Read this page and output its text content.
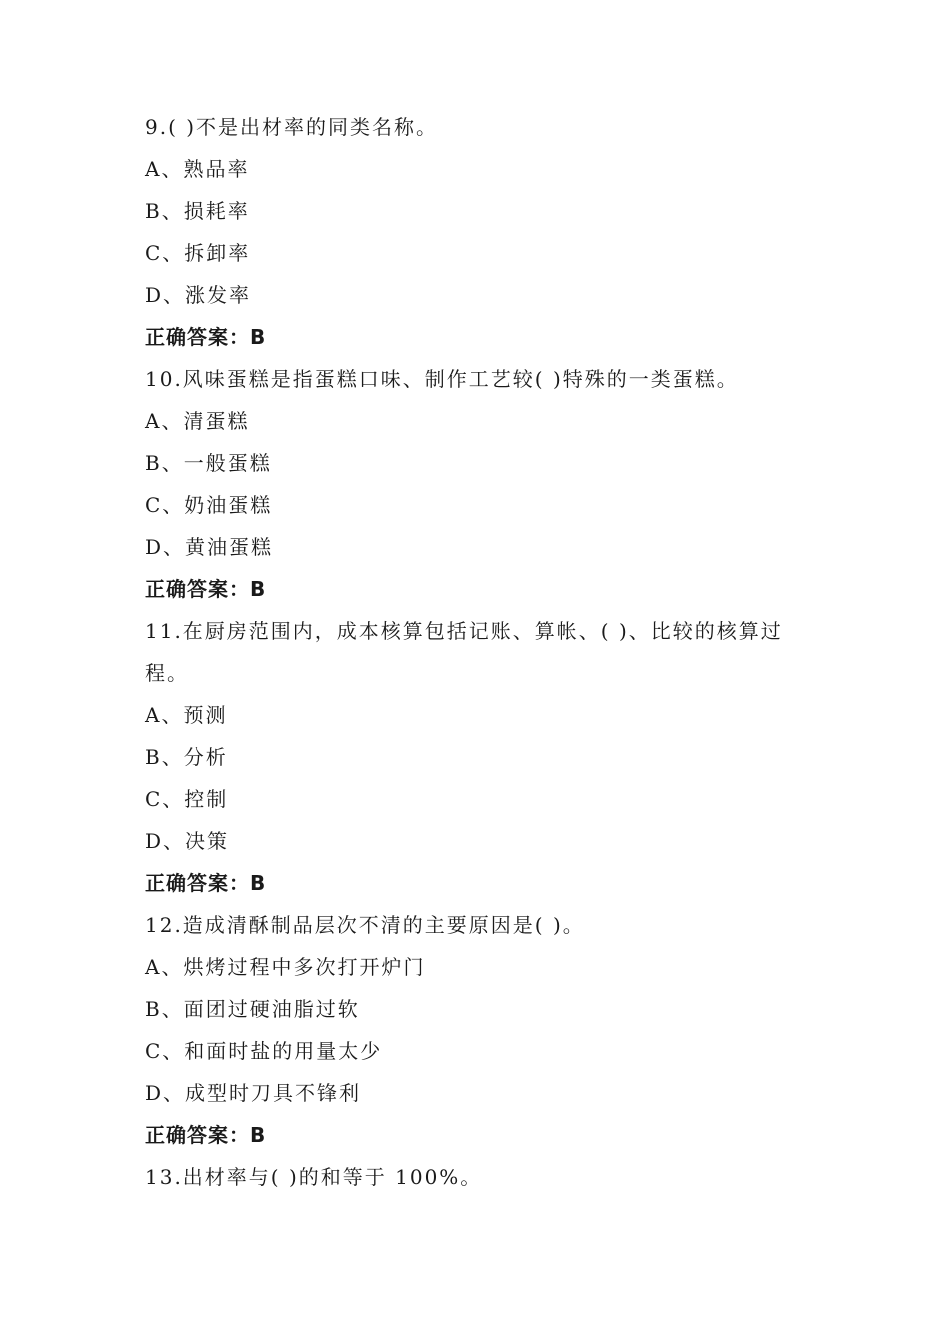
9.( )不是出材率的同类名称。
A、熟品率
B、损耗率
C、拆卸率
D、涨发率
正确答案：B
10.风味蛋糕是指蛋糕口味、制作工艺较( )特殊的一类蛋糕。
A、清蛋糕
B、一般蛋糕
C、奶油蛋糕
D、黄油蛋糕
正确答案：B
11.在厨房范围内，成本核算包括记账、算帐、( )、比较的核算过程。
A、预测
B、分析
C、控制
D、决策
正确答案：B
12.造成清酥制品层次不清的主要原因是( )。
A、烘烤过程中多次打开炉门
B、面团过硬油脂过软
C、和面时盐的用量太少
D、成型时刀具不锋利
正确答案：B
13.出材率与( )的和等于 100%。
